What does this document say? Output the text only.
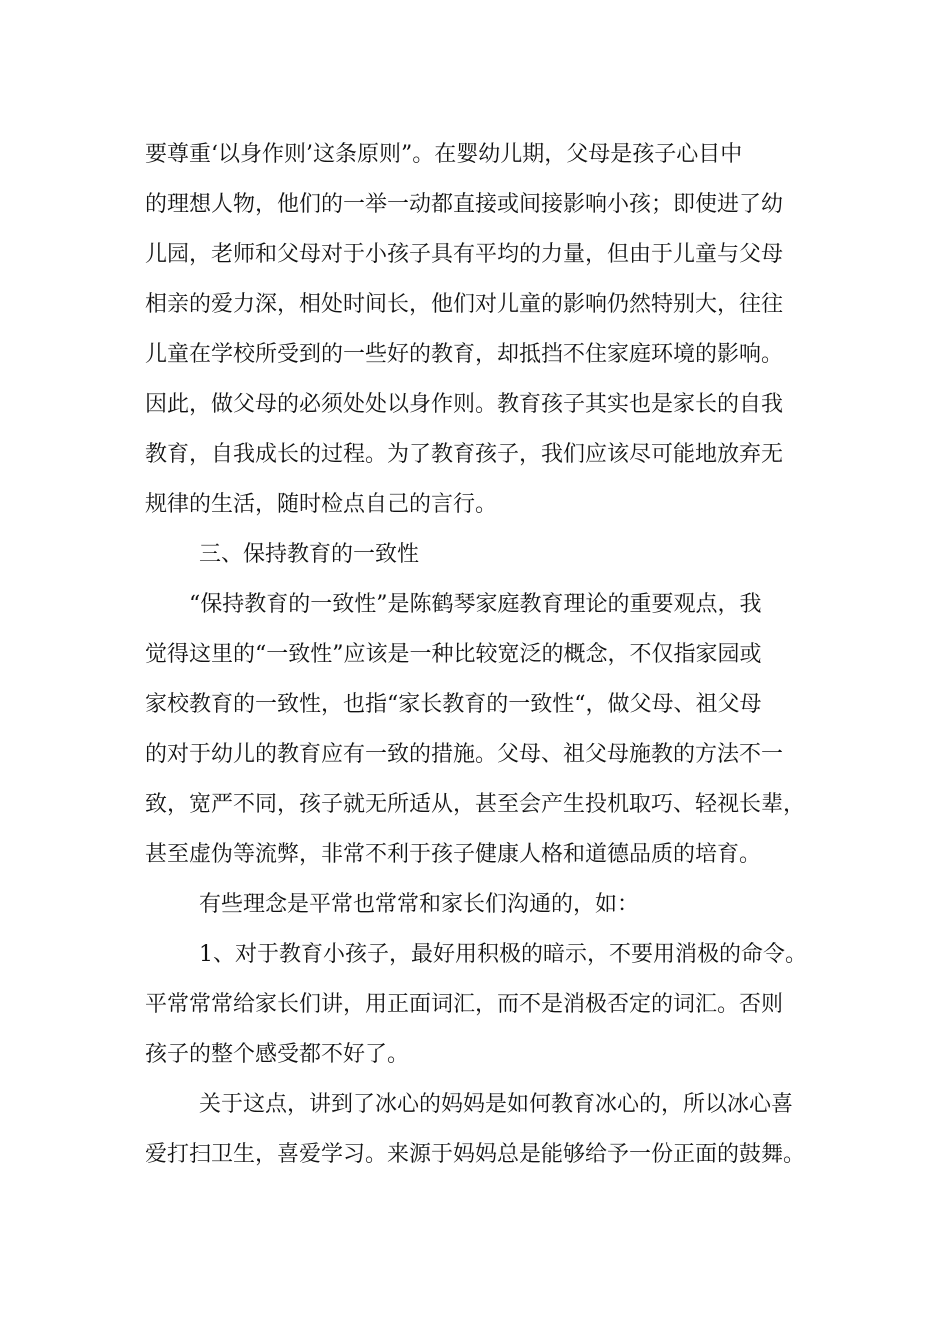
要尊重‘以身作则’这条原则”。在婴幼儿期，父母是孩子心目中
的理想人物，他们的一举一动都直接或间接影响小孩；即使进了幼
儿园，老师和父母对于小孩子具有平均的力量，但由于儿童与父母
相亲的爱力深，相处时间长，他们对儿童的影响仍然特别大，往往
儿童在学校所受到的一些好的教育，却抵挡不住家庭环境的影响。
因此，做父母的必须处处以身作则。教育孩子其实也是家长的自我
教育，自我成长的过程。为了教育孩子，我们应该尽可能地放弃无
规律的生活，随时检点自己的言行。
三、保持教育的一致性
“保持教育的一致性”是陈鹤琴家庭教育理论的重要观点，我
觉得这里的“一致性”应该是一种比较宽泛的概念，不仅指家园或
家校教育的一致性，也指“家长教育的一致性“，做父母、祖父母
的对于幼儿的教育应有一致的措施。父母、祖父母施教的方法不一
致，宽严不同，孩子就无所适从，甚至会产生投机取巧、轻视长辈，
甚至虚伪等流弊，非常不利于孩子健康人格和道德品质的培育。
有些理念是平常也常常和家长们沟通的，如：
1、对于教育小孩子，最好用积极的暗示，不要用消极的命令。
平常常常给家长们讲，用正面词汇，而不是消极否定的词汇。否则
孩子的整个感受都不好了。
关于这点，讲到了冰心的妈妈是如何教育冰心的，所以冰心喜
爱打扫卫生，喜爱学习。来源于妈妈总是能够给予一份正面的鼓舞。
